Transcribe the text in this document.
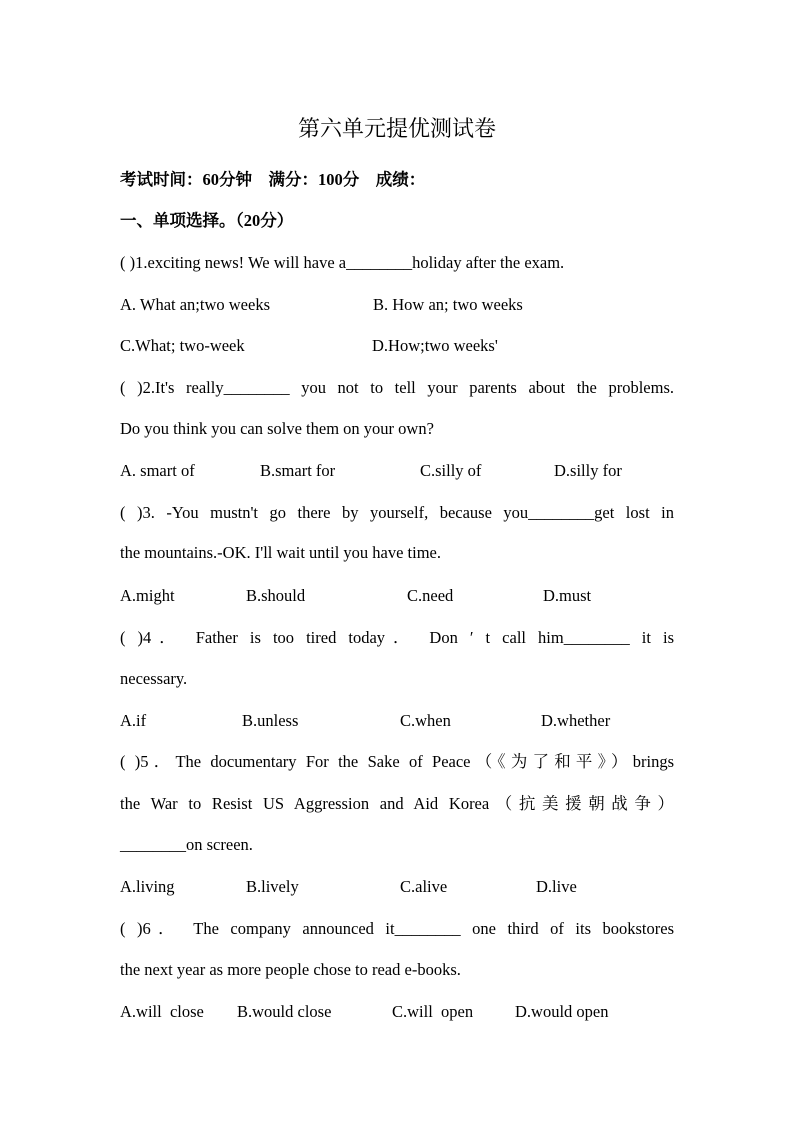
第六单元提优测试卷
考试时间：60分钟　满分：100分　成绩：
一、单项选择。（20分）
( )1.exciting news! We will have a________holiday after the exam.
A. What an;two weeks	B. How an; two weeks
C.What; two-week	D.How;two weeks'
( )2.It's really________ you not to tell your parents about the problems.
Do you think you can solve them on your own?
A. smart of	B.smart for	C.silly of	D.silly for
( )3. -You mustn't go there by yourself, because you________get lost in
the mountains.-OK. I'll wait until you have time.
A.might	B.should	C.need	D.must
( )4． Father is too tired today． Don ′ t call him________ it is
necessary.
A.if	B.unless	C.when	D.whether
( )5．The documentary For the Sake of Peace（《为了和平》）brings
the War to Resist US Aggression and Aid Korea（抗美援朝战争）
________on screen.
A.living	B.lively	C.alive	D.live
( )6． The company announced it________ one third of its bookstores
the next year as more people chose to read e-books.
A.will  close B.would close	C.will  open	D.would open
